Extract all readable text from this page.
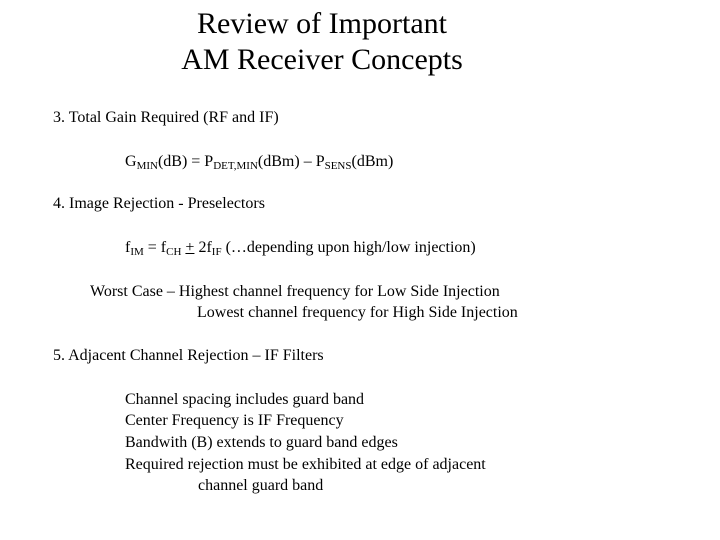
Review of Important
AM Receiver Concepts
3. Total Gain Required (RF and IF)
$G_{MIN}(dB) = P_{DET,MIN}(dBm) - P_{SENS}(dBm)$
4. Image Rejection - Preselectors
$f_{IM} = f_{CH} + 2f_{IF}$ (…depending upon high/low injection)
Worst Case – Highest channel frequency for Low Side Injection
Lowest channel frequency for High Side Injection
5. Adjacent Channel Rejection – IF Filters
Channel spacing includes guard band
Center Frequency is IF Frequency
Bandwith (B) extends to guard band edges
Required rejection must be exhibited at edge of adjacent
channel guard band
